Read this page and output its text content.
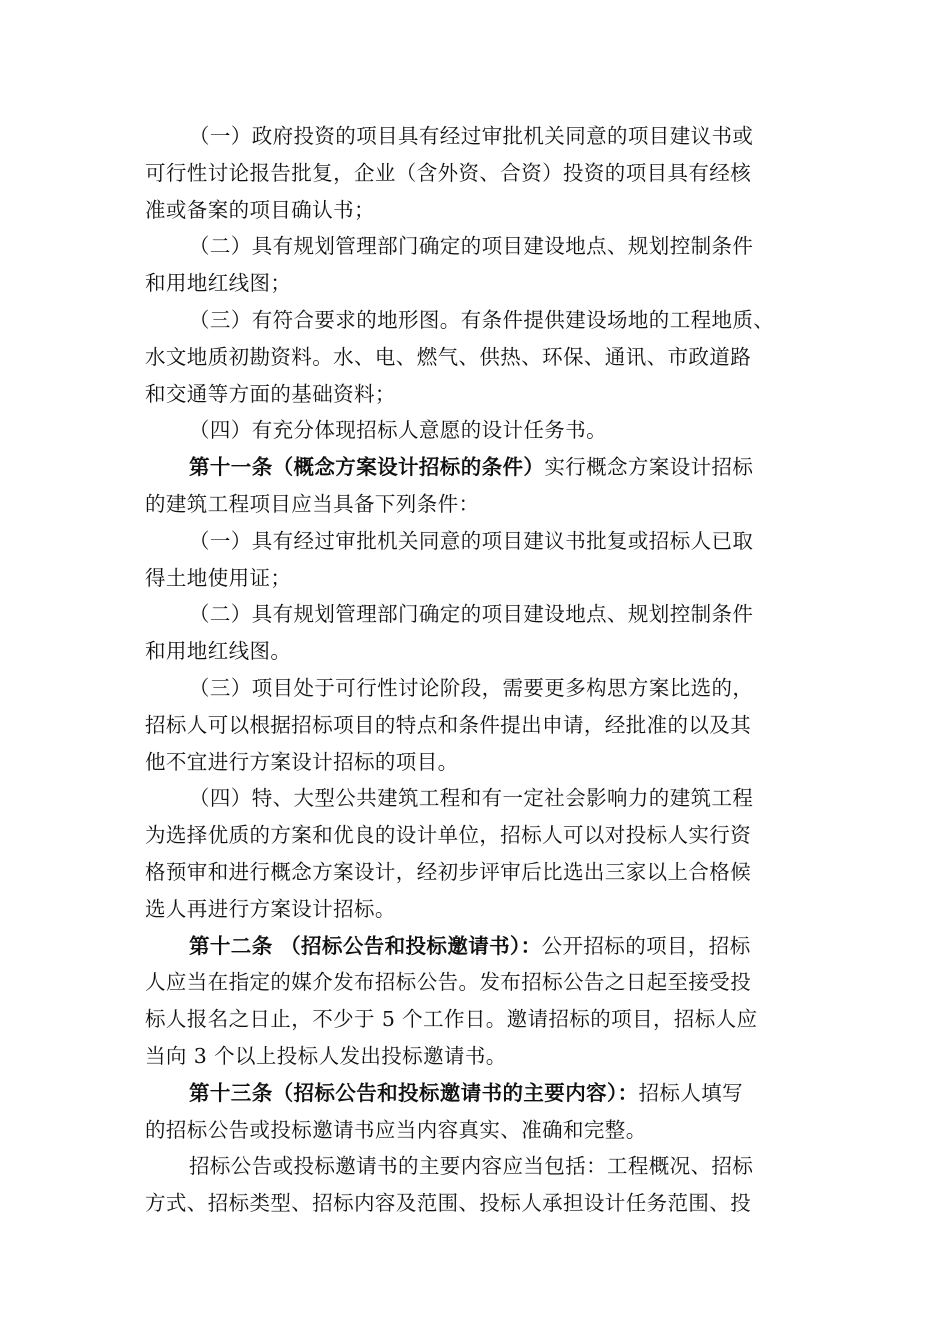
（一）政府投资的项目具有经过审批机关同意的项目建议书或
可行性讨论报告批复，企业（含外资、合资）投资的项目具有经核
准或备案的项目确认书；
（二）具有规划管理部门确定的项目建设地点、规划控制条件
和用地红线图；
（三）有符合要求的地形图。有条件提供建设场地的工程地质、
水文地质初勘资料。水、电、燃气、供热、环保、通讯、市政道路
和交通等方面的基础资料；
（四）有充分体现招标人意愿的设计任务书。
第十一条（概念方案设计招标的条件）实行概念方案设计招标
的建筑工程项目应当具备下列条件：
（一）具有经过审批机关同意的项目建议书批复或招标人已取
得土地使用证；
（二）具有规划管理部门确定的项目建设地点、规划控制条件
和用地红线图。
（三）项目处于可行性讨论阶段，需要更多构思方案比选的，
招标人可以根据招标项目的特点和条件提出申请，经批准的以及其
他不宜进行方案设计招标的项目。
（四）特、大型公共建筑工程和有一定社会影响力的建筑工程
为选择优质的方案和优良的设计单位，招标人可以对投标人实行资
格预审和进行概念方案设计，经初步评审后比选出三家以上合格候
选人再进行方案设计招标。
第十二条 （招标公告和投标邀请书）：公开招标的项目，招标
人应当在指定的媒介发布招标公告。发布招标公告之日起至接受投
标人报名之日止，不少于 5 个工作日。邀请招标的项目，招标人应
当向 3 个以上投标人发出投标邀请书。
第十三条（招标公告和投标邀请书的主要内容）：招标人填写
的招标公告或投标邀请书应当内容真实、准确和完整。
招标公告或投标邀请书的主要内容应当包括：工程概况、招标
方式、招标类型、招标内容及范围、投标人承担设计任务范围、投
